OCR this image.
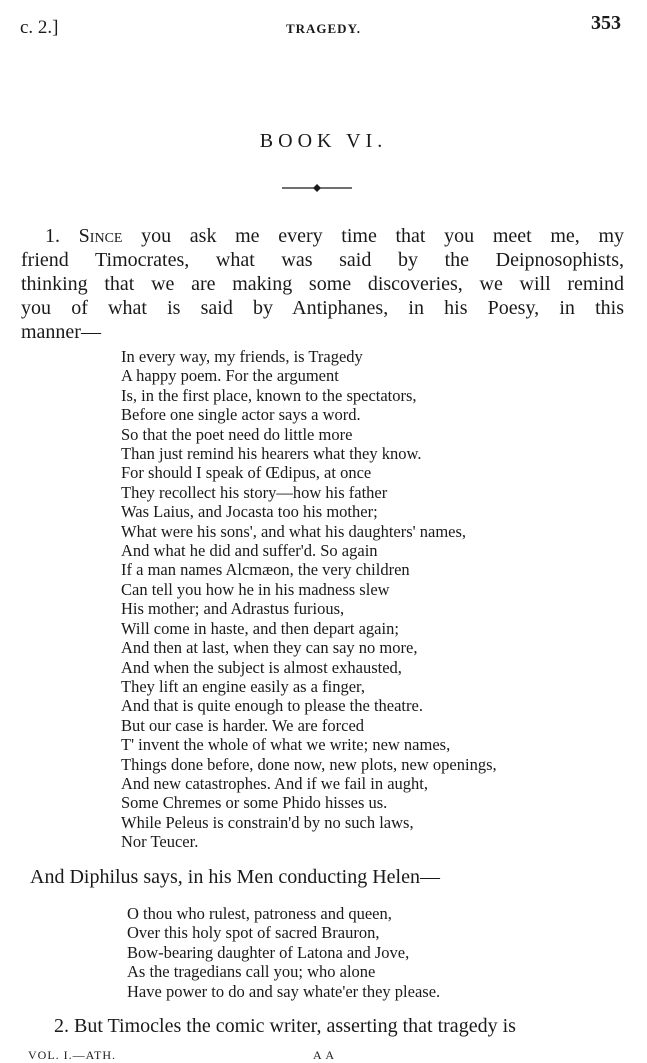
c. 2.]	TRAGEDY.	353
BOOK VI.
1. Since you ask me every time that you meet me, my
friend Timocrates, what was said by the Deipnosophists,
thinking that we are making some discoveries, we will remind
you of what is said by Antiphanes, in his Poesy, in this
manner—
In every way, my friends, is Tragedy
A happy poem. For the argument
Is, in the first place, known to the spectators,
Before one single actor says a word.
So that the poet need do little more
Than just remind his hearers what they know.
For should I speak of Œdipus, at once
They recollect his story—how his father
Was Laius, and Jocasta too his mother;
What were his sons', and what his daughters' names,
And what he did and suffer'd. So again
If a man names Alcmæon, the very children
Can tell you how he in his madness slew
His mother; and Adrastus furious,
Will come in haste, and then depart again;
And then at last, when they can say no more,
And when the subject is almost exhausted,
They lift an engine easily as a finger,
And that is quite enough to please the theatre.
But our case is harder. We are forced
T' invent the whole of what we write; new names,
Things done before, done now, new plots, new openings,
And new catastrophes. And if we fail in aught,
Some Chremes or some Phido hisses us.
While Peleus is constrain'd by no such laws,
Nor Teucer.
And Diphilus says, in his Men conducting Helen—
O thou who rulest, patroness and queen,
Over this holy spot of sacred Brauron,
Bow-bearing daughter of Latona and Jove,
As the tragedians call you; who alone
Have power to do and say whate'er they please.
2. But Timocles the comic writer, asserting that tragedy is
VOL. I.—ATH.	A A
